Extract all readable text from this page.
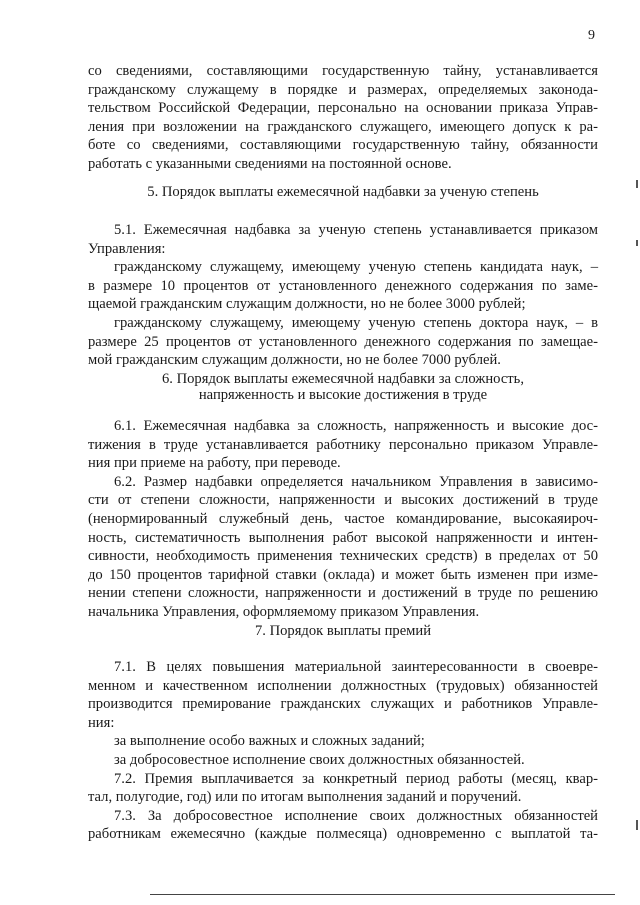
9
со сведениями, составляющими государственную тайну, устанавливается
гражданскому служащему в порядке и размерах, определяемых законода-
тельством Российской Федерации, персонально на основании приказа Управ-
ления при возложении на гражданского служащего, имеющего допуск к ра-
боте со сведениями, составляющими государственную тайну, обязанности
работать с указанными сведениями на постоянной основе.
5. Порядок выплаты ежемесячной надбавки за ученую степень
5.1. Ежемесячная надбавка за ученую степень устанавливается приказом
Управления:
гражданскому служащему, имеющему ученую степень кандидата наук, –
в размере 10 процентов от установленного денежного содержания по заме-
щаемой гражданским служащим должности, но не более 3000 рублей;
гражданскому служащему, имеющему ученую степень доктора наук, – в
размере 25 процентов от установленного денежного содержания по замещае-
мой гражданским служащим должности, но не более 7000 рублей.
6. Порядок выплаты ежемесячной надбавки за сложность,
напряженность и высокие достижения в труде
6.1. Ежемесячная надбавка за сложность, напряженность и высокие дос-
тижения в труде устанавливается работнику персонально приказом Управле-
ния при приеме на работу, при переводе.
6.2. Размер надбавки определяется начальником Управления в зависимо-
сти от степени сложности, напряженности и высоких достижений в труде
(ненормированный служебный день, частое командирование, высокаяироч-
ность, систематичность выполнения работ высокой напряженности и интен-
сивности, необходимость применения технических средств) в пределах от 50
до 150 процентов тарифной ставки (оклада) и может быть изменен при изме-
нении степени сложности, напряженности и достижений в труде по решению
начальника Управления, оформляемому приказом Управления.
7. Порядок выплаты премий
7.1. В целях повышения материальной заинтересованности в своевре-
менном и качественном исполнении должностных (трудовых) обязанностей
производится премирование гражданских служащих и работников Управле-
ния:
за выполнение особо важных и сложных заданий;
за добросовестное исполнение своих должностных обязанностей.
7.2. Премия выплачивается за конкретный период работы (месяц, квар-
тал, полугодие, год) или по итогам выполнения заданий и поручений.
7.3. За добросовестное исполнение своих должностных обязанностей
работникам ежемесячно (каждые полмесяца) одновременно с выплатой та-
